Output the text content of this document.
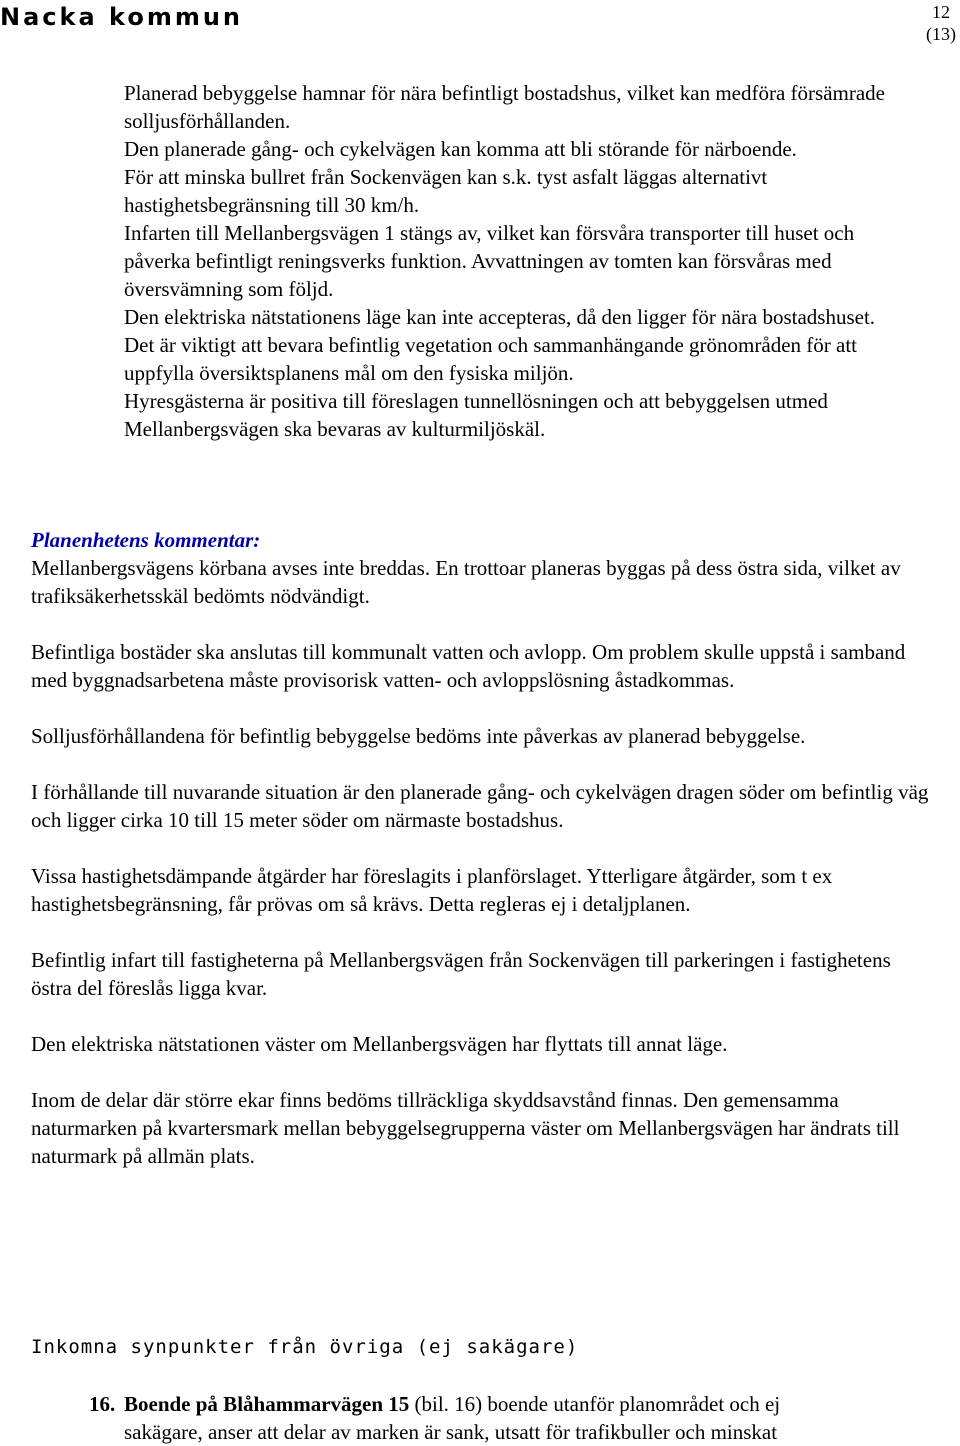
Nacka kommun	12
(13)

Planerad bebyggelse hamnar för nära befintligt bostadshus, vilket kan medföra försämrade solljusförhållanden.

Den planerade gång- och cykelvägen kan komma att bli störande för närboende.

För att minska bullret från Sockenvägen kan s.k. tyst asfalt läggas alternativt hastighetsbegränsning till 30 km/h.

Infarten till Mellanbergsvägen 1 stängs av, vilket kan försvåra transporter till huset och påverka befintligt reningsverks funktion. Avvattningen av tomten kan försvåras med översvämning som följd.

Den elektriska nätstationens läge kan inte accepteras, då den ligger för nära bostadshuset.

Det är viktigt att bevara befintlig vegetation och sammanhängande grönområden för att uppfylla översiktsplanens mål om den fysiska miljön.

Hyresgästerna är positiva till föreslagen tunnellösningen och att bebyggelsen utmed Mellanbergsvägen ska bevaras av kulturmiljöskäl.

Planenhetens kommentar:

Mellanbergsvägens körbana avses inte breddas. En trottoar planeras byggas på dess östra sida, vilket av trafiksäkerhetsskäl bedömts nödvändigt.

Befintliga bostäder ska anslutas till kommunalt vatten och avlopp. Om problem skulle uppstå i samband med byggnadsarbetena måste provisorisk vatten- och avloppslösning åstadkommas.

Solljusförhållandena för befintlig bebyggelse bedöms inte påverkas av planerad bebyggelse.

I förhållande till nuvarande situation är den planerade gång- och cykelvägen dragen söder om befintlig väg och ligger cirka 10 till 15 meter söder om närmaste bostadshus.

Vissa hastighetsdämpande åtgärder har föreslagits i planförslaget. Ytterligare åtgärder, som t ex hastighetsbegränsning, får prövas om så krävs. Detta regleras ej i detaljplanen.

Befintlig infart till fastigheterna på Mellanbergsvägen från Sockenvägen till parkeringen i fastighetens östra del föreslås ligga kvar.

Den elektriska nätstationen väster om Mellanbergsvägen har flyttats till annat läge.

Inom de delar där större ekar finns bedöms tillräckliga skyddsavstånd finnas. Den gemensamma naturmarken på kvartersmark mellan bebyggelsegrupperna väster om Mellanbergsvägen har ändrats till naturmark på allmän plats.

Inkomna synpunkter från övriga (ej sakägare)
16. Boende på Blåhammarvägen 15 (bil. 16) boende utanför planområdet och ej
sakägare, anser att delar av marken är sank, utsatt för trafikbuller och minskat
